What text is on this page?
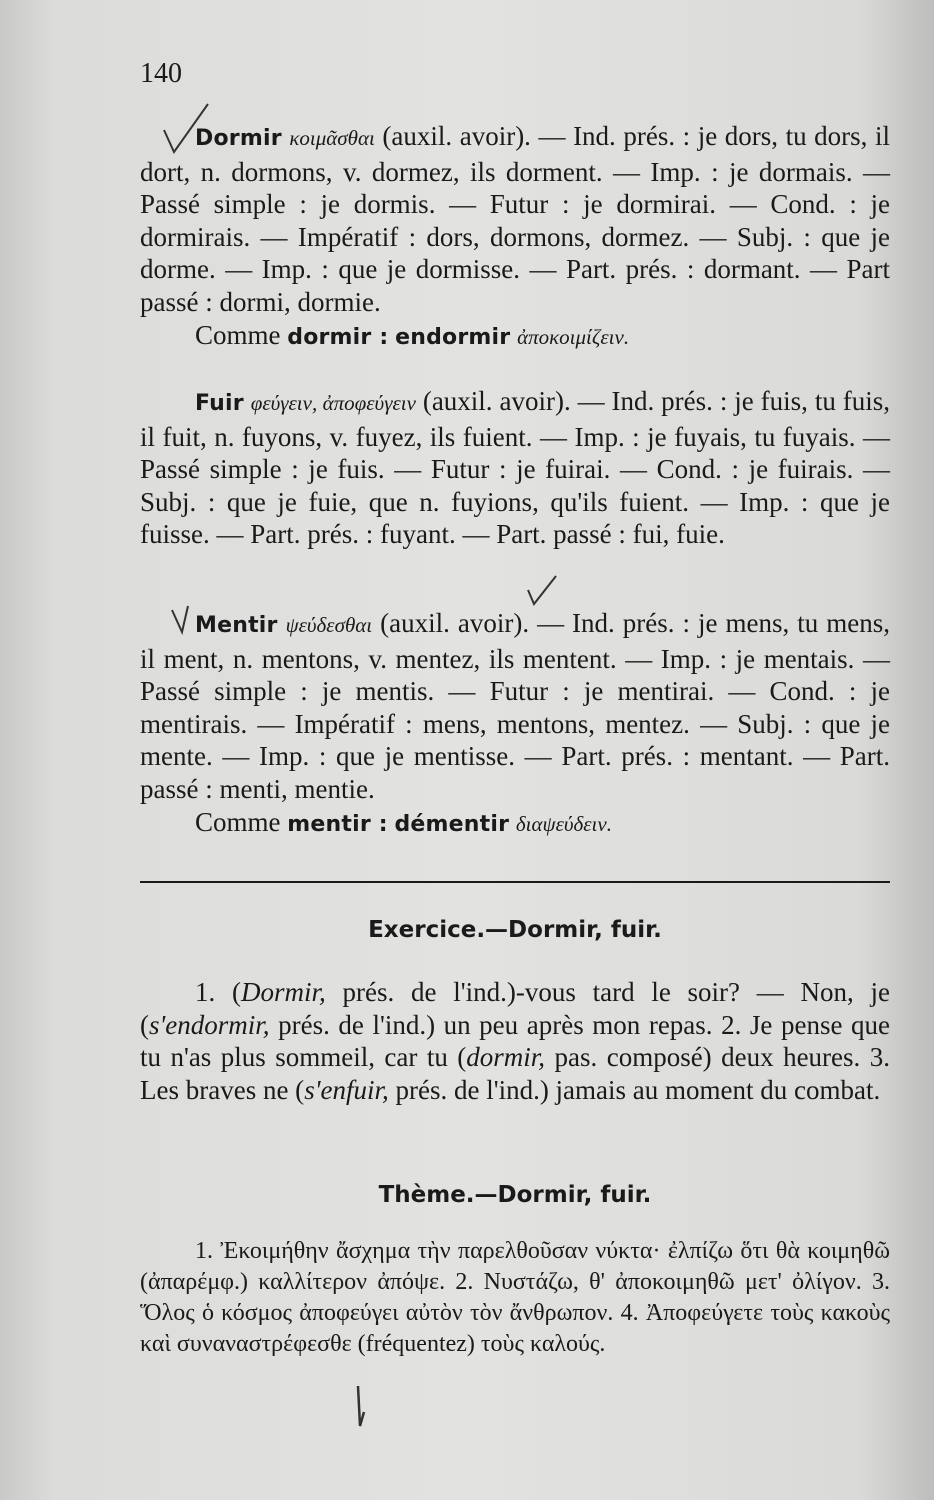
140

Dormir κοιμᾶσθαι (auxil. avoir). — Ind. prés. : je dors, tu dors, il dort, n. dormons, v. dormez, ils dorment. — Imp. : je dormais. — Passé simple : je dormis. — Futur : je dormirai. — Cond. : je dormirais. — Impératif : dors, dormons, dormez. — Subj. : que je dorme. — Imp. : que je dormisse. — Part. prés. : dormant. — Part passé : dormi, dormie.

Comme dormir : endormir ἀποκοιμίζειν.

Fuir φεύγειν, ἀποφεύγειν (auxil. avoir). — Ind. prés. : je fuis, tu fuis, il fuit, n. fuyons, v. fuyez, ils fuient. — Imp. : je fuyais, tu fuyais. — Passé simple : je fuis. — Futur : je fuirai. — Cond. : je fuirais. — Subj. : que je fuie, que n. fuyions, qu'ils fuient. — Imp. : que je fuisse. — Part. prés. : fuyant. — Part. passé : fui, fuie.

Mentir ψεύδεσθαι (auxil. avoir). — Ind. prés. : je mens, tu mens, il ment, n. mentons, v. mentez, ils mentent. — Imp. : je mentais. — Passé simple : je mentis. — Futur : je mentirai. — Cond. : je mentirais. — Impératif : mens, mentons, mentez. — Subj. : que je mente. — Imp. : que je mentisse. — Part. prés. : mentant. — Part. passé : menti, mentie.

Comme mentir : démentir διαψεύδειν.

Exercice.—Dormir, fuir.

1. (Dormir, prés. de l'ind.)-vous tard le soir? — Non, je (s'endormir, prés. de l'ind.) un peu après mon repas. 2. Je pense que tu n'as plus sommeil, car tu (dormir, pas. composé) deux heures. 3. Les braves ne (s'enfuir, prés. de l'ind.) jamais au moment du combat.

Thème.—Dormir, fuir.

1. Ἐκοιμήθην ἄσχημα τὴν παρελθοῦσαν νύκτα· ἐλπίζω ὅτι θὰ κοιμηθῶ (ἀπαρέμφ.) καλλίτερον ἀπόψε. 2. Νυστάζω, θ' ἀποκοιμηθῶ μετ' ὀλίγον. 3. Ὅλος ὁ κόσμος ἀποφεύγει αὐτὸν τὸν ἄνθρωπον. 4. Ἀποφεύγετε τοὺς κακοὺς καὶ συναναστρέφεσθε (fréquentez) τοὺς καλούς.
